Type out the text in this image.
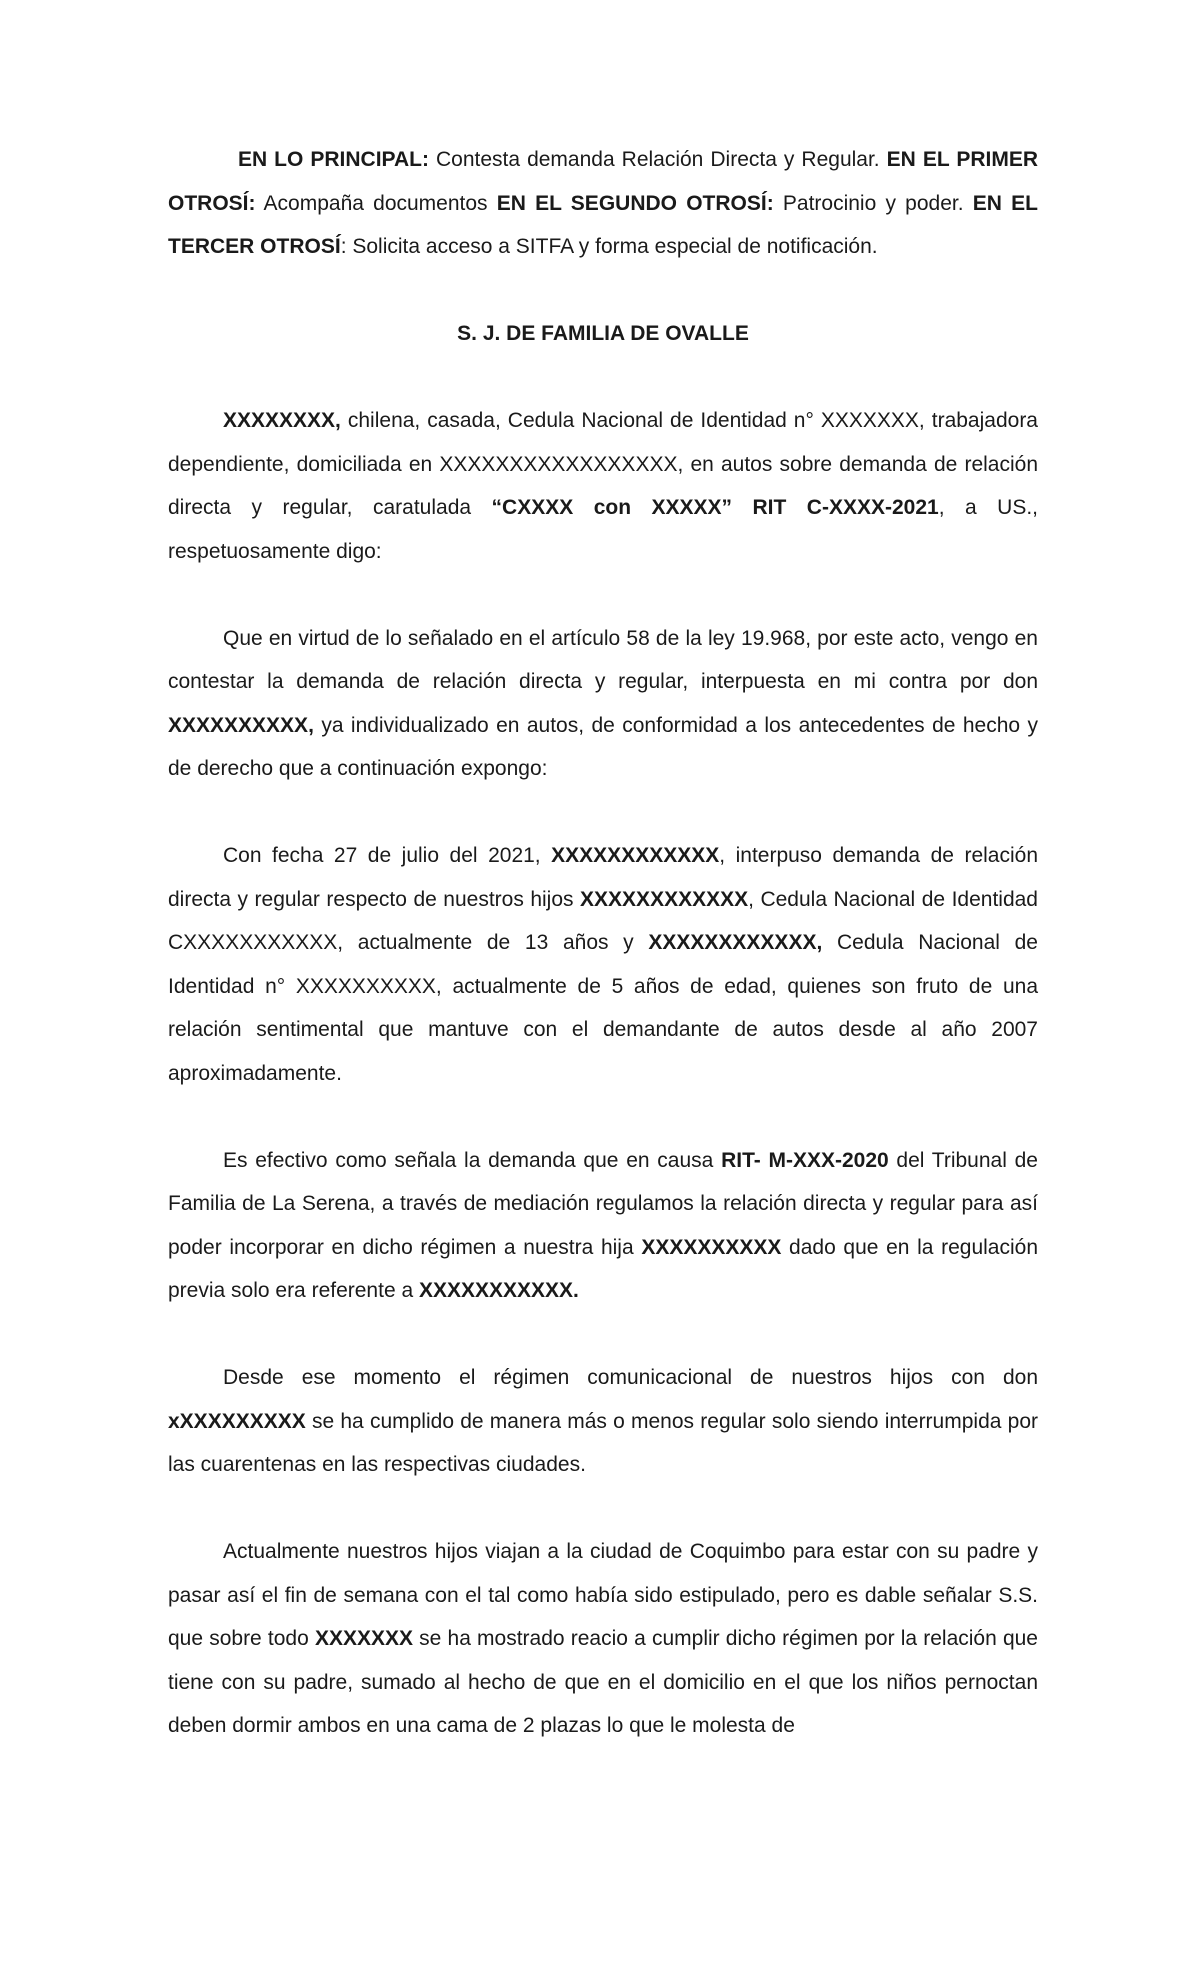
EN LO PRINCIPAL: Contesta demanda Relación Directa y Regular. EN EL PRIMER OTROSÍ: Acompaña documentos EN EL SEGUNDO OTROSÍ: Patrocinio y poder. EN EL TERCER OTROSÍ: Solicita acceso a SITFA y forma especial de notificación.

S. J. DE FAMILIA DE OVALLE

XXXXXXXX, chilena, casada, Cedula Nacional de Identidad n° XXXXXXX, trabajadora dependiente, domiciliada en XXXXXXXXXXXXXXXXX, en autos sobre demanda de relación directa y regular, caratulada “CXXXX con XXXXX” RIT C-XXXX-2021, a US., respetuosamente digo:

Que en virtud de lo señalado en el artículo 58 de la ley 19.968, por este acto, vengo en contestar la demanda de relación directa y regular, interpuesta en mi contra por don XXXXXXXXXX, ya individualizado en autos, de conformidad a los antecedentes de hecho y de derecho que a continuación expongo:

Con fecha 27 de julio del 2021, XXXXXXXXXXXX, interpuso demanda de relación directa y regular respecto de nuestros hijos XXXXXXXXXXXX, Cedula Nacional de Identidad CXXXXXXXXXXX, actualmente de 13 años y XXXXXXXXXXXX, Cedula Nacional de Identidad n° XXXXXXXXXX, actualmente de 5 años de edad, quienes son fruto de una relación sentimental que mantuve con el demandante de autos desde al año 2007 aproximadamente.

Es efectivo como señala la demanda que en causa RIT- M-XXX-2020 del Tribunal de Familia de La Serena, a través de mediación regulamos la relación directa y regular para así poder incorporar en dicho régimen a nuestra hija XXXXXXXXXX dado que en la regulación previa solo era referente a XXXXXXXXXXX.

Desde ese momento el régimen comunicacional de nuestros hijos con don xXXXXXXXXX se ha cumplido de manera más o menos regular solo siendo interrumpida por las cuarentenas en las respectivas ciudades.

Actualmente nuestros hijos viajan a la ciudad de Coquimbo para estar con su padre y pasar así el fin de semana con el tal como había sido estipulado, pero es dable señalar S.S. que sobre todo XXXXXXX se ha mostrado reacio a cumplir dicho régimen por la relación que tiene con su padre, sumado al hecho de que en el domicilio en el que los niños pernoctan deben dormir ambos en una cama de 2 plazas lo que le molesta de
